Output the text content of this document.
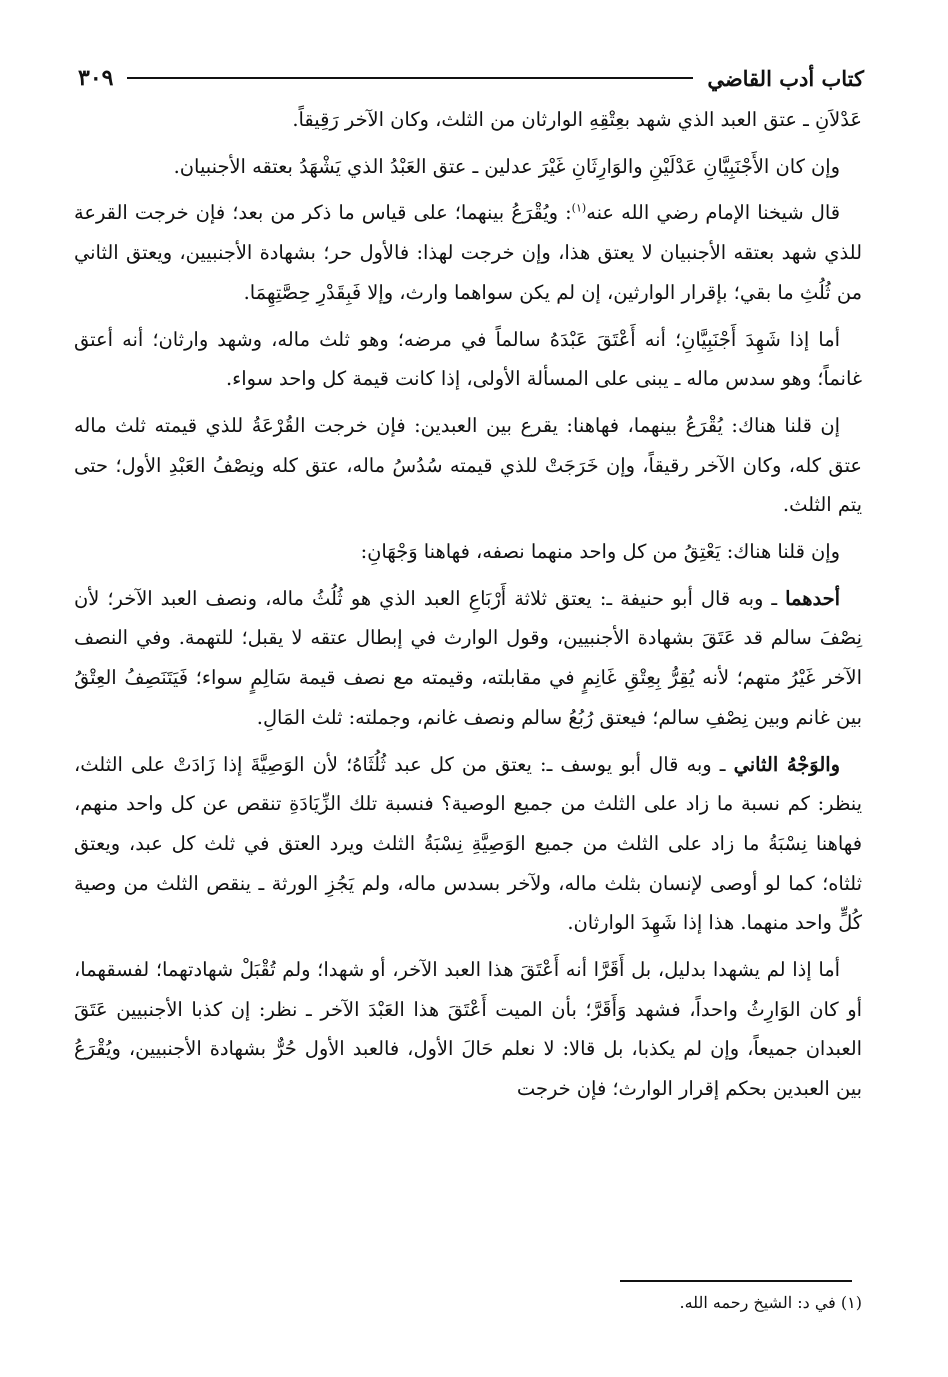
كتاب أدب القاضي
٣٠٩

عَدْلاَنِ ـ عتق العبد الذي شهد بعِتْقِهِ الوارثان من الثلث، وكان الآخر رَقِيقاً.

وإن كان الأَجْنَبِيَّانِ عَدْلَيْنِ والوَارِثَانِ غَيْرَ عدلين ـ عتق العَبْدُ الذي يَشْهَدُ بعتقه الأجنبيان.

قال شيخنا الإمام رضي الله عنه$^{(١)}$: ويُقْرَعُ بينهما؛ على قياس ما ذكر من بعد؛ فإن خرجت القرعة للذي شهد بعتقه الأجنبيان لا يعتق هذا، وإن خرجت لهذا: فالأول حر؛ بشهادة الأجنبيين، ويعتق الثاني من ثُلُثِ ما بقي؛ بإقرار الوارثين، إن لم يكن سواهما وارث، وإلا فَبِقَدْرِ حِصَّتِهِمَا.

أما إذا شَهِدَ أَجْنَبِيَّانِ؛ أنه أَعْتَقَ عَبْدَهُ سالماً في مرضه؛ وهو ثلث ماله، وشهد وارثان؛ أنه أعتق غانماً؛ وهو سدس ماله ـ يبنى على المسألة الأولى، إذا كانت قيمة كل واحد سواء.

إن قلنا هناك: يُقْرَعُ بينهما، فهاهنا: يقرع بين العبدين: فإن خرجت القُرْعَةُ للذي قيمته ثلث ماله عتق كله، وكان الآخر رقيقاً، وإن خَرَجَتْ للذي قيمته سُدُسُ ماله، عتق كله ونِصْفُ العَبْدِ الأول؛ حتى يتم الثلث.

وإن قلنا هناك: يَعْتِقُ من كل واحد منهما نصفه، فهاهنا وَجْهَانِ:

أحدهما ـ وبه قال أبو حنيفة ـ: يعتق ثلاثة أَرْبَاعِ العبد الذي هو ثُلُثُ ماله، ونصف العبد الآخر؛ لأن نِصْفَ سالم قد عَتَقَ بشهادة الأجنبيين، وقول الوارث في إبطال عتقه لا يقبل؛ للتهمة. وفي النصف الآخر غَيْرُ متهم؛ لأنه يُقِرُّ بِعِتْقِ غَانِمٍ في مقابلته، وقيمته مع نصف قيمة سَالِمٍ سواء؛ فَيَتَنَصِفُ العِتْقُ بين غانم وبين نِصْفِ سالم؛ فيعتق رُبُعُ سالم ونصف غانم، وجملته: ثلث المَالِ.

والوَجْهُ الثاني ـ وبه قال أبو يوسف ـ: يعتق من كل عبد ثُلُثَاهُ؛ لأن الوَصِيَّةَ إذا زَادَتْ على الثلث، ينظر: كم نسبة ما زاد على الثلث من جميع الوصية؟ فنسبة تلك الزِّيَادَةِ تنقص عن كل واحد منهم، فهاهنا نِسْبَةُ ما زاد على الثلث من جميع الوَصِيَّةِ نِسْبَةُ الثلث ويرد العتق في ثلث كل عبد، ويعتق ثلثاه؛ كما لو أوصى لإنسان بثلث ماله، ولآخر بسدس ماله، ولم يَجُزِ الورثة ـ ينقص الثلث من وصية كُلٍّ واحد منهما. هذا إذا شَهِدَ الوارثان.

أما إذا لم يشهدا بدليل، بل أَقَرَّا أنه أَعْتَقَ هذا العبد الآخر، أو شهدا؛ ولم تُقْبَلْ شهادتهما؛ لفسقهما، أو كان الوَارِثُ واحداً، فشهد وَأَقَرَّ؛ بأن الميت أَعْتَقَ هذا العَبْدَ الآخر ـ نظر: إن كذبا الأجنبيين عَتَقَ العبدان جميعاً، وإن لم يكذبا، بل قالا: لا نعلم حَالَ الأول، فالعبد الأول حُرٌّ بشهادة الأجنبيين، ويُقْرَعُ بين العبدين بحكم إقرار الوارث؛ فإن خرجت

(١) في د: الشيخ رحمه الله.
